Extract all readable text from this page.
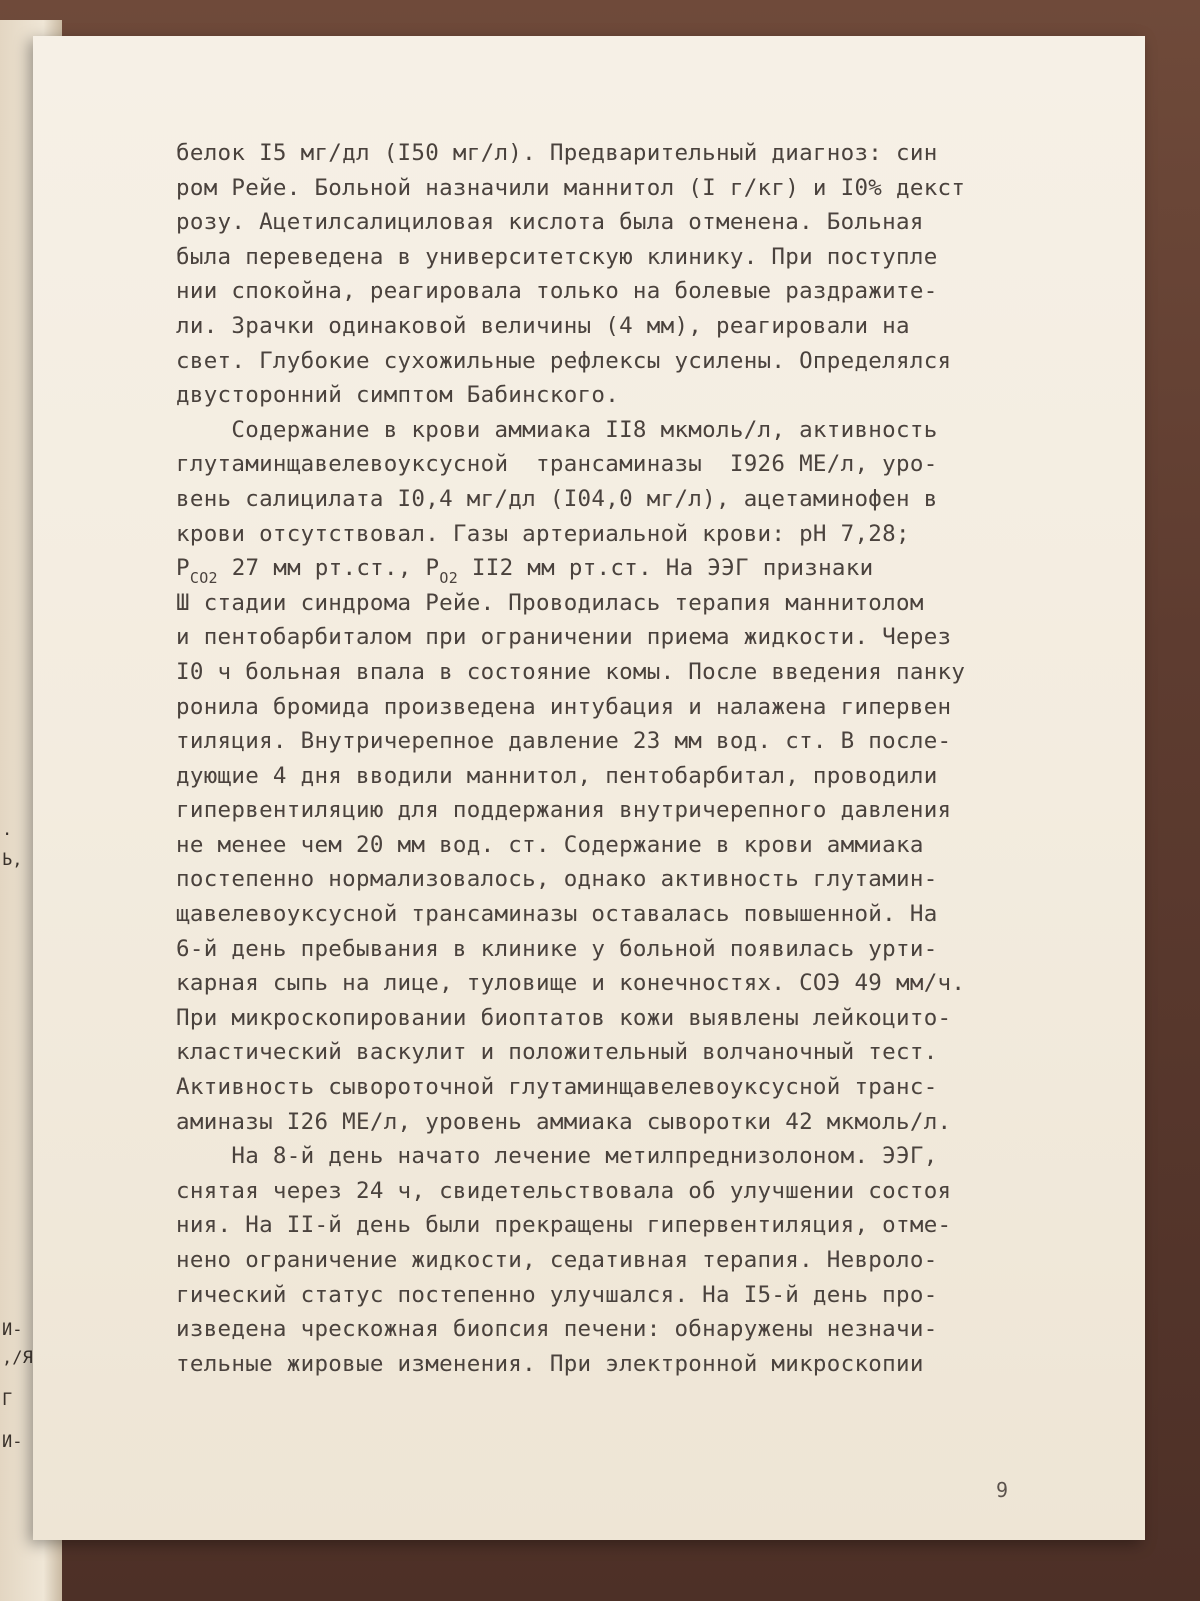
.
Ь,
И-
,/Я
Г
И-
белок I5 мг/дл (I50 мг/л). Предварительный диагноз: син
ром Рейе. Больной назначили маннитол (I г/кг) и I0% декст
розу. Ацетилсалициловая кислота была отменена. Больная
была переведена в университетскую клинику. При поступле
нии спокойна, реагировала только на болевые раздражите-
ли. Зрачки одинаковой величины (4 мм), реагировали на
свет. Глубокие сухожильные рефлексы усилены. Определялся
двусторонний симптом Бабинского.
Содержание в крови аммиака II8 мкмоль/л, активность
глутаминщавелевоуксусной  трансаминазы  I926 МЕ/л, уро-
вень салицилата I0,4 мг/дл (I04,0 мг/л), ацетаминофен в
крови отсутствовал. Газы артериальной крови: pH 7,28;
$P_{CO2}$ 27 мм рт.ст., $P_{O2}$ II2 мм рт.ст. На ЭЭГ признаки
Ш стадии синдрома Рейе. Проводилась терапия маннитолом
и пентобарбиталом при ограничении приема жидкости. Через
I0 ч больная впала в состояние комы. После введения панку
ронила бромида произведена интубация и налажена гипервен
тиляция. Внутричерепное давление 23 мм вод. ст. В после-
дующие 4 дня вводили маннитол, пентобарбитал, проводили
гипервентиляцию для поддержания внутричерепного давления
не менее чем 20 мм вод. ст. Содержание в крови аммиака
постепенно нормализовалось, однако активность глутамин-
щавелевоуксусной трансаминазы оставалась повышенной. На
6-й день пребывания в клинике у больной появилась урти-
карная сыпь на лице, туловище и конечностях. СОЭ 49 мм/ч.
При микроскопировании биоптатов кожи выявлены лейкоцито-
кластический васкулит и положительный волчаночный тест.
Активность сывороточной глутаминщавелевоуксусной транс-
аминазы I26 МЕ/л, уровень аммиака сыворотки 42 мкмоль/л.
На 8-й день начато лечение метилпреднизолоном. ЭЭГ,
снятая через 24 ч, свидетельствовала об улучшении состоя
ния. На II-й день были прекращены гипервентиляция, отме-
нено ограничение жидкости, седативная терапия. Невроло-
гический статус постепенно улучшался. На I5-й день про-
изведена чрескожная биопсия печени: обнаружены незначи-
тельные жировые изменения. При электронной микроскопии
9
